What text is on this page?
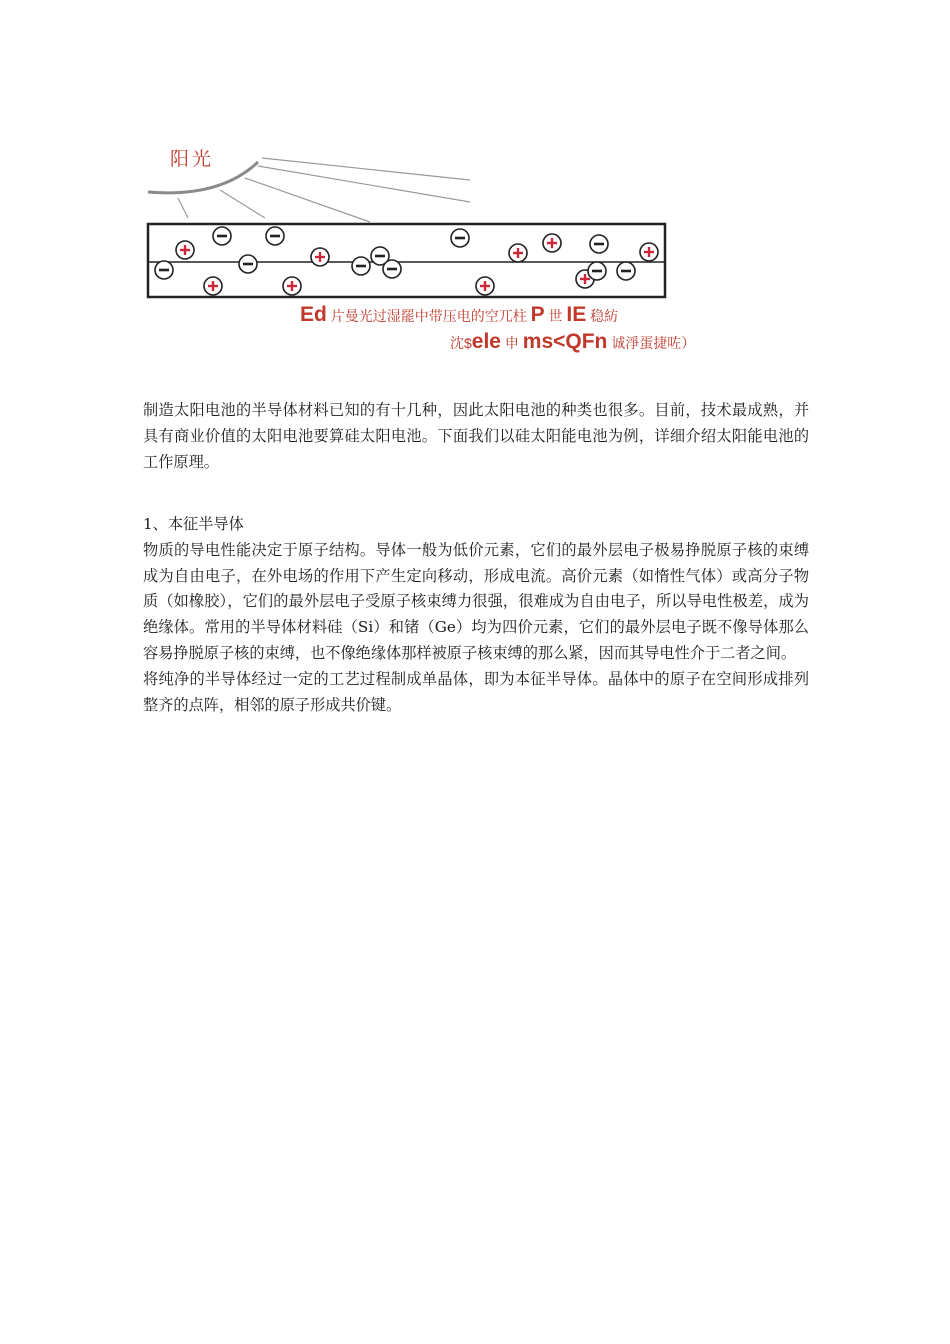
阳光
Ed 片曼光过湿罷中带压电的空兀柱 P 世 IE 稳紡
沈$ele 申 ms<QFn 诚淨蛋捷咗）

制造太阳电池的半导体材料已知的有十几种，因此太阳电池的种类也很多。目前，技术最成熟，并具有商业价值的太阳电池要算硅太阳电池。下面我们以硅太阳能电池为例，详细介绍太阳能电池的工作原理。

1、本征半导体

物质的导电性能决定于原子结构。导体一般为低价元素，它们的最外层电子极易挣脱原子核的束缚成为自由电子，在外电场的作用下产生定向移动，形成电流。高价元素（如惰性气体）或高分子物质（如橡胶），它们的最外层电子受原子核束缚力很强，很难成为自由电子，所以导电性极差，成为绝缘体。常用的半导体材料硅（Si）和锗（Ge）均为四价元素，它们的最外层电子既不像导体那么容易挣脱原子核的束缚，也不像绝缘体那样被原子核束缚的那么紧，因而其导电性介于二者之间。

将纯净的半导体经过一定的工艺过程制成单晶体，即为本征半导体。晶体中的原子在空间形成排列整齐的点阵，相邻的原子形成共价键。
